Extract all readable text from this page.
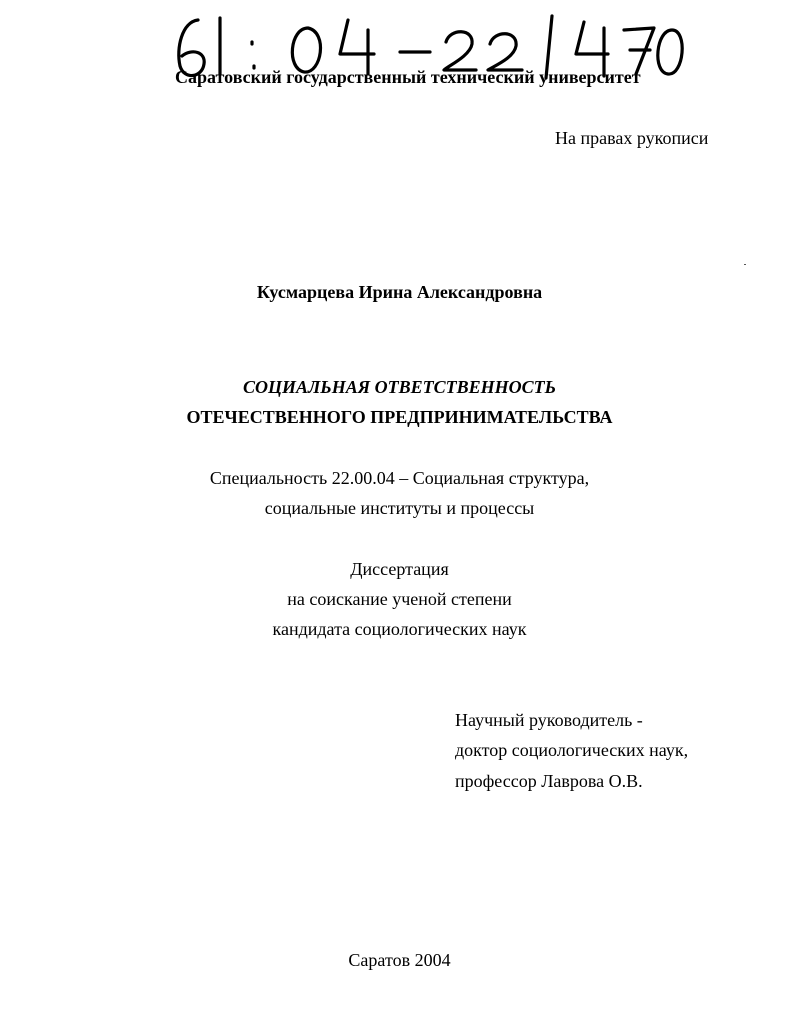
Саратовский государственный технический университет
На правах рукописи
Кусмарцева Ирина Александровна
СОЦИАЛЬНАЯ ОТВЕТСТВЕННОСТЬ
ОТЕЧЕСТВЕННОГО ПРЕДПРИНИМАТЕЛЬСТВА
Специальность 22.00.04 – Социальная структура,
социальные институты и процессы
Диссертация
на соискание ученой степени
кандидата социологических наук
Научный руководитель -
доктор социологических наук,
профессор Лаврова О.В.
Саратов 2004
